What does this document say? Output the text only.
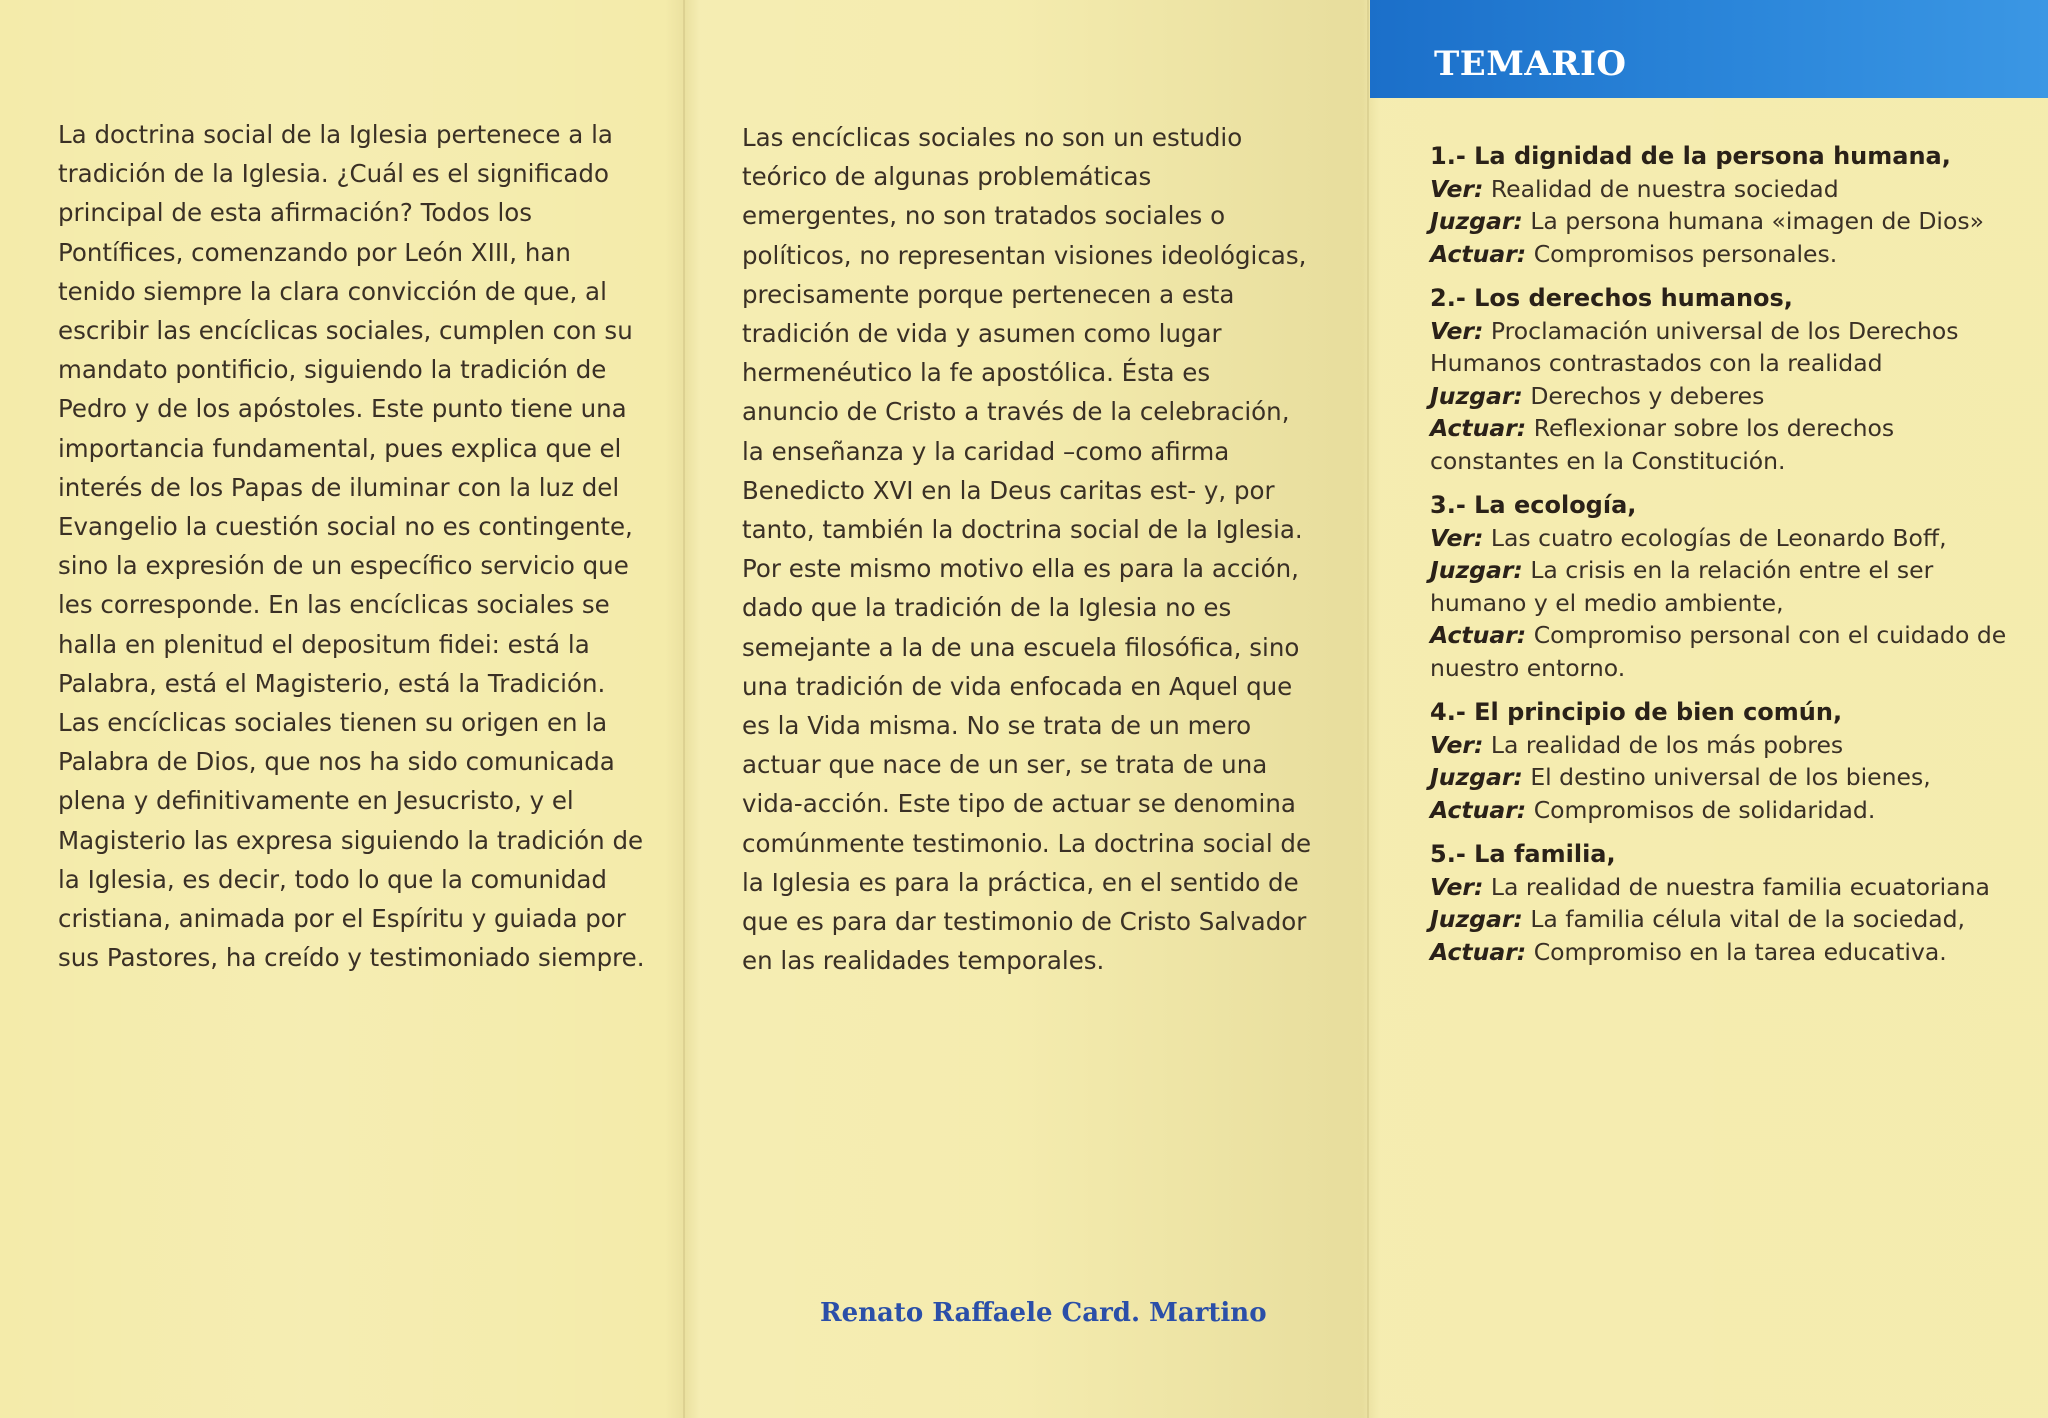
La doctrina social de la Iglesia pertenece a la tradición de la Iglesia. ¿Cuál es el significado principal de esta afirmación? Todos los Pontífices, comenzando por León XIII, han tenido siempre la clara convicción de que, al escribir las encíclicas sociales, cumplen con su mandato pontificio, siguiendo la tradición de Pedro y de los apóstoles. Este punto tiene una importancia fundamental, pues explica que el interés de los Papas de iluminar con la luz del Evangelio la cuestión social no es contingente, sino la expresión de un específico servicio que les corresponde. En las encíclicas sociales se halla en plenitud el depositum fidei: está la Palabra, está el Magisterio, está la Tradición. Las encíclicas sociales tienen su origen en la Palabra de Dios, que nos ha sido comunicada plena y definitivamente en Jesucristo, y el Magisterio las expresa siguiendo la tradición de la Iglesia, es decir, todo lo que la comunidad cristiana, animada por el Espíritu y guiada por sus Pastores, ha creído y testimoniado siempre.

Las encíclicas sociales no son un estudio teórico de algunas problemáticas emergentes, no son tratados sociales o políticos, no representan visiones ideológicas, precisamente porque pertenecen a esta tradición de vida y asumen como lugar hermenéutico la fe apostólica. Ésta es anuncio de Cristo a través de la celebración, la enseñanza y la caridad –como afirma Benedicto XVI en la Deus caritas est- y, por tanto, también la doctrina social de la Iglesia. Por este mismo motivo ella es para la acción, dado que la tradición de la Iglesia no es semejante a la de una escuela filosófica, sino una tradición de vida enfocada en Aquel que es la Vida misma. No se trata de un mero actuar que nace de un ser, se trata de una vida-acción. Este tipo de actuar se denomina comúnmente testimonio. La doctrina social de la Iglesia es para la práctica, en el sentido de que es para dar testimonio de Cristo Salvador en las realidades temporales.

Renato Raffaele Card. Martino
TEMARIO
1.- La dignidad de la persona humana,
Ver: Realidad de nuestra sociedad
Juzgar: La persona humana «imagen de Dios»
Actuar: Compromisos personales.
2.- Los derechos humanos,
Ver: Proclamación universal de los Derechos Humanos contrastados con la realidad
Juzgar: Derechos y deberes
Actuar: Reflexionar sobre los derechos constantes en la Constitución.
3.- La ecología,
Ver: Las cuatro ecologías de Leonardo Boff,
Juzgar: La crisis en la relación entre el ser humano y el medio ambiente,
Actuar: Compromiso personal con el cuidado de nuestro entorno.
4.- El principio de bien común,
Ver: La realidad de los más pobres
Juzgar: El destino universal de los bienes,
Actuar: Compromisos de solidaridad.
5.- La familia,
Ver: La realidad de nuestra familia ecuatoriana
Juzgar: La familia célula vital de la sociedad,
Actuar: Compromiso en la tarea educativa.
